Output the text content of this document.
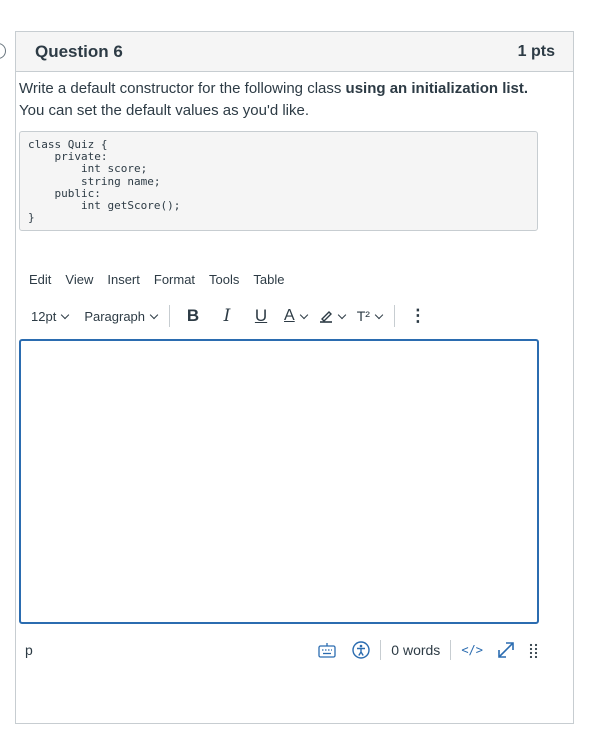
Question 6	1 pts
Write a default constructor for the following class using an initialization list. You can set the default values as you'd like.
class Quiz {
private:
int score;
string name;
public:
int getScore();
}
Edit View Insert Format Tools Table
12pt Paragraph B	I	U	A	T² ⋮
p	0 words </>
